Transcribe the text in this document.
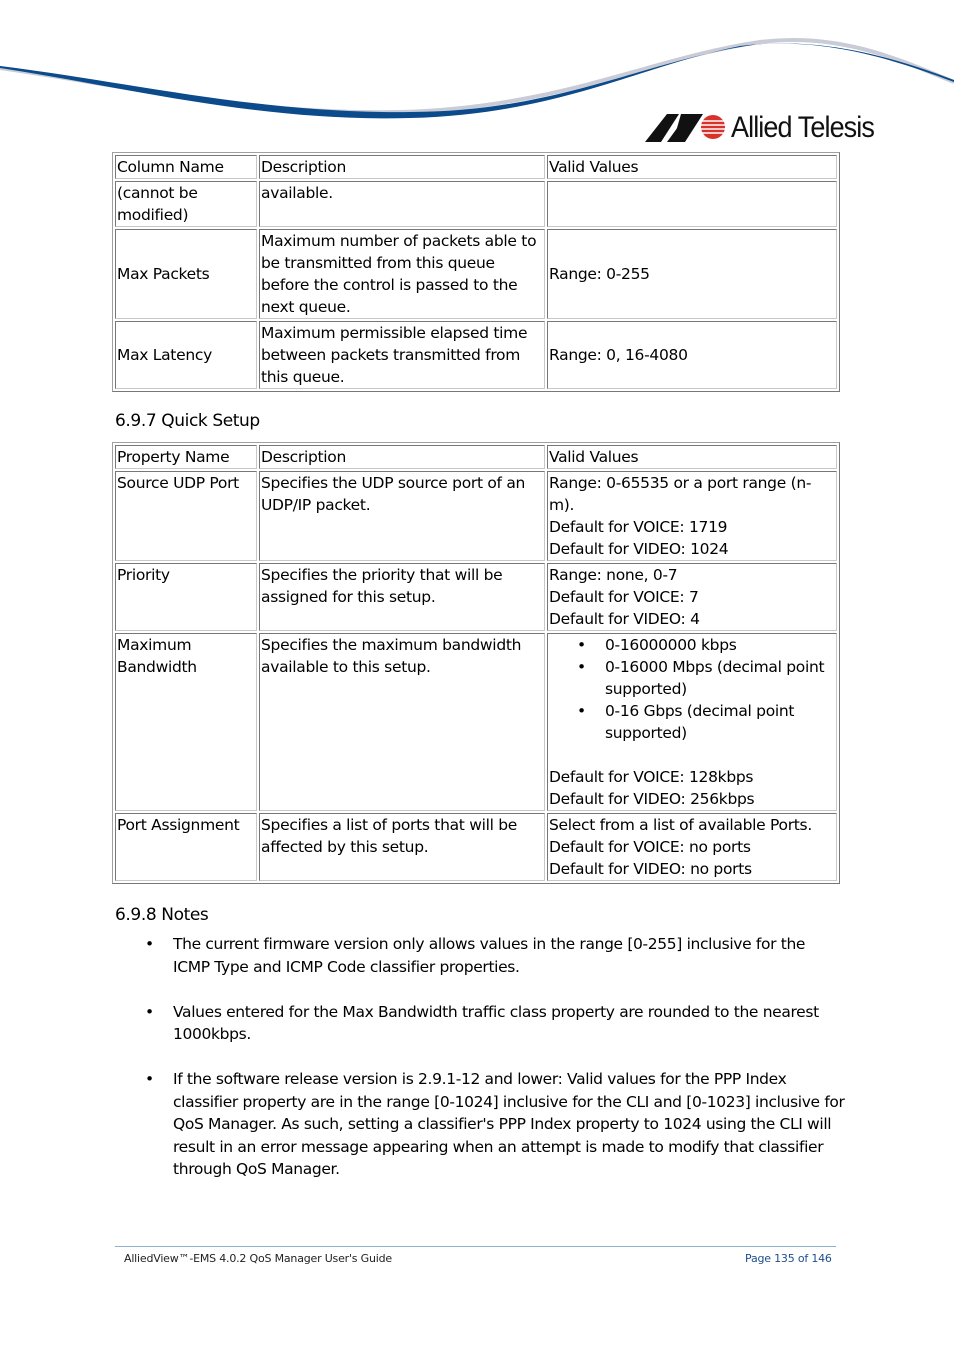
Allied Telesis
Column Name	Description	Valid Values
(cannot be modified)	available.	
Max Packets	Maximum number of packets able to be transmitted from this queue before the control is passed to the next queue.	Range: 0-255
Max Latency	Maximum permissible elapsed time between packets transmitted from this queue.	Range: 0, 16-4080
6.9.7 Quick Setup
Property Name	Description	Valid Values
Source UDP Port	Specifies the UDP source port of an UDP/IP packet.	Range: 0-65535 or a port range (n-m).
Default for VOICE: 1719
Default for VIDEO: 1024

Priority	Specifies the priority that will be assigned for this setup.	Range: none, 0-7
Default for VOICE: 7
Default for VIDEO: 4

Maximum Bandwidth	Specifies the maximum bandwidth available to this setup.	
• 0-16000000 kbps
• 0-16000 Mbps (decimal point supported)
• 0-16 Gbps (decimal point supported)
Default for VOICE: 128kbps
Default for VIDEO: 256kbps

Port Assignment	Specifies a list of ports that will be affected by this setup.	Select from a list of available Ports.
Default for VOICE: no ports
Default for VIDEO: no ports
6.9.8 Notes
• The current firmware version only allows values in the range [0-255] inclusive for the ICMP Type and ICMP Code classifier properties.
• Values entered for the Max Bandwidth traffic class property are rounded to the nearest 1000kbps.
• If the software release version is 2.9.1-12 and lower: Valid values for the PPP Index classifier property are in the range [0-1024] inclusive for the CLI and [0-1023] inclusive for QoS Manager. As such, setting a classifier's PPP Index property to 1024 using the CLI will result in an error message appearing when an attempt is made to modify that classifier through QoS Manager.
AlliedView™-EMS 4.0.2 QoS Manager User's Guide	Page 135 of 146
